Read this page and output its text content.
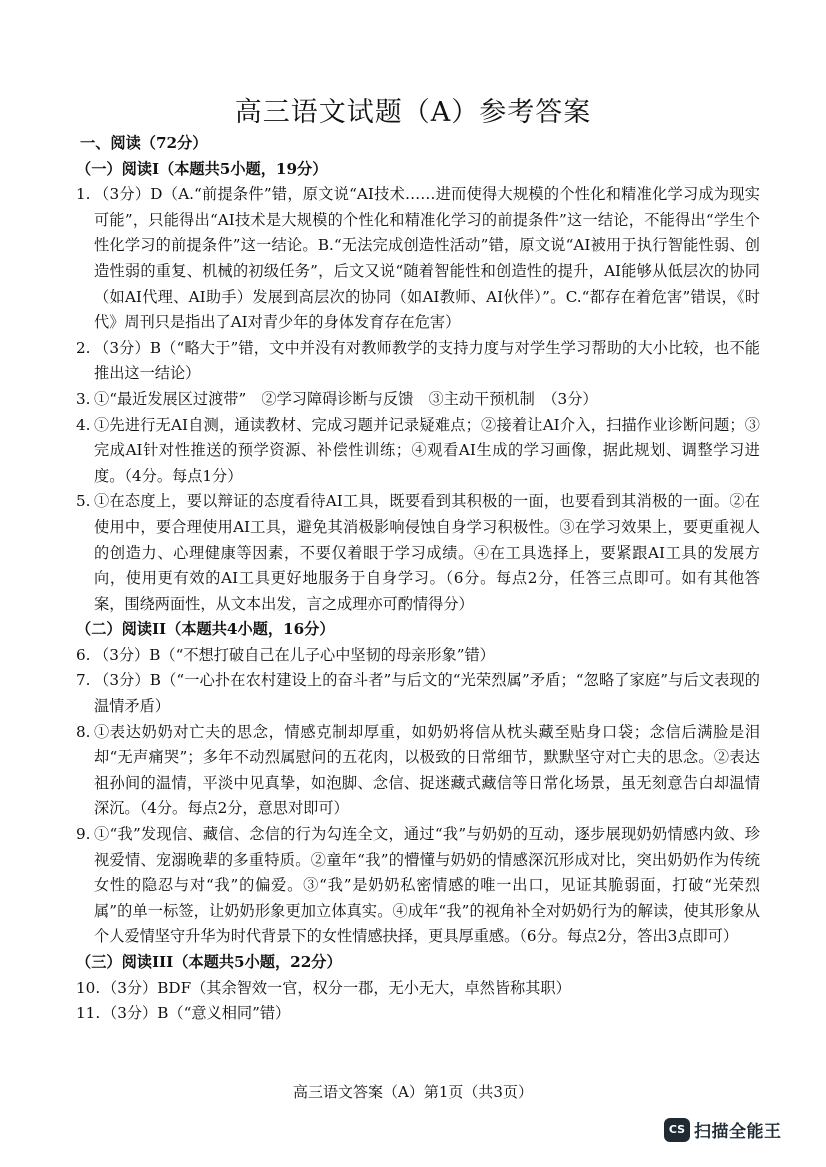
高三语文试题（A）参考答案
一、阅读（72分）
（一）阅读I（本题共5小题，19分）
1. （3分）D（A.“前提条件”错，原文说“AI技术……进而使得大规模的个性化和精准化学习成为现实可能”，只能得出“AI技术是大规模的个性化和精准化学习的前提条件”这一结论，不能得出“学生个性化学习的前提条件”这一结论。B.“无法完成创造性活动”错，原文说“AI被用于执行智能性弱、创造性弱的重复、机械的初级任务”，后文又说“随着智能性和创造性的提升，AI能够从低层次的协同（如AI代理、AI助手）发展到高层次的协同（如AI教师、AI伙伴）”。C.“都存在着危害”错误，《时代》周刊只是指出了AI对青少年的身体发育存在危害）
2. （3分）B（“略大于”错，文中并没有对教师教学的支持力度与对学生学习帮助的大小比较，也不能推出这一结论）
3. ①“最近发展区过渡带”　②学习障碍诊断与反馈　③主动干预机制　（3分）
4. ①先进行无AI自测，通读教材、完成习题并记录疑难点；②接着让AI介入，扫描作业诊断问题；③完成AI针对性推送的预学资源、补偿性训练；④观看AI生成的学习画像，据此规划、调整学习进度。（4分。每点1分）
5. ①在态度上，要以辩证的态度看待AI工具，既要看到其积极的一面，也要看到其消极的一面。②在使用中，要合理使用AI工具，避免其消极影响侵蚀自身学习积极性。③在学习效果上，要更重视人的创造力、心理健康等因素，不要仅着眼于学习成绩。④在工具选择上，要紧跟AI工具的发展方向，使用更有效的AI工具更好地服务于自身学习。（6分。每点2分，任答三点即可。如有其他答案，围绕两面性，从文本出发，言之成理亦可酌情得分）
（二）阅读II（本题共4小题，16分）
6. （3分）B（“不想打破自己在儿子心中坚韧的母亲形象”错）
7. （3分）B（“一心扑在农村建设上的奋斗者”与后文的“光荣烈属”矛盾；“忽略了家庭”与后文表现的温情矛盾）
8. ①表达奶奶对亡夫的思念，情感克制却厚重，如奶奶将信从枕头藏至贴身口袋；念信后满脸是泪却“无声痛哭”；多年不动烈属慰问的五花肉，以极致的日常细节，默默坚守对亡夫的思念。②表达祖孙间的温情，平淡中见真挚，如泡脚、念信、捉迷藏式藏信等日常化场景，虽无刻意告白却温情深沉。（4分。每点2分，意思对即可）
9. ①“我”发现信、藏信、念信的行为勾连全文，通过“我”与奶奶的互动，逐步展现奶奶情感内敛、珍视爱情、宠溺晚辈的多重特质。②童年“我”的懵懂与奶奶的情感深沉形成对比，突出奶奶作为传统女性的隐忍与对“我”的偏爱。③“我”是奶奶私密情感的唯一出口，见证其脆弱面，打破“光荣烈属”的单一标签，让奶奶形象更加立体真实。④成年“我”的视角补全对奶奶行为的解读，使其形象从个人爱情坚守升华为时代背景下的女性情感抉择，更具厚重感。（6分。每点2分，答出3点即可）
（三）阅读III（本题共5小题，22分）
10. （3分）BDF（其余智效一官，权分一郡，无小无大，卓然皆称其职）
11. （3分）B（“意义相同”错）
高三语文答案（A）第1页（共3页）
CS 扫描全能王
